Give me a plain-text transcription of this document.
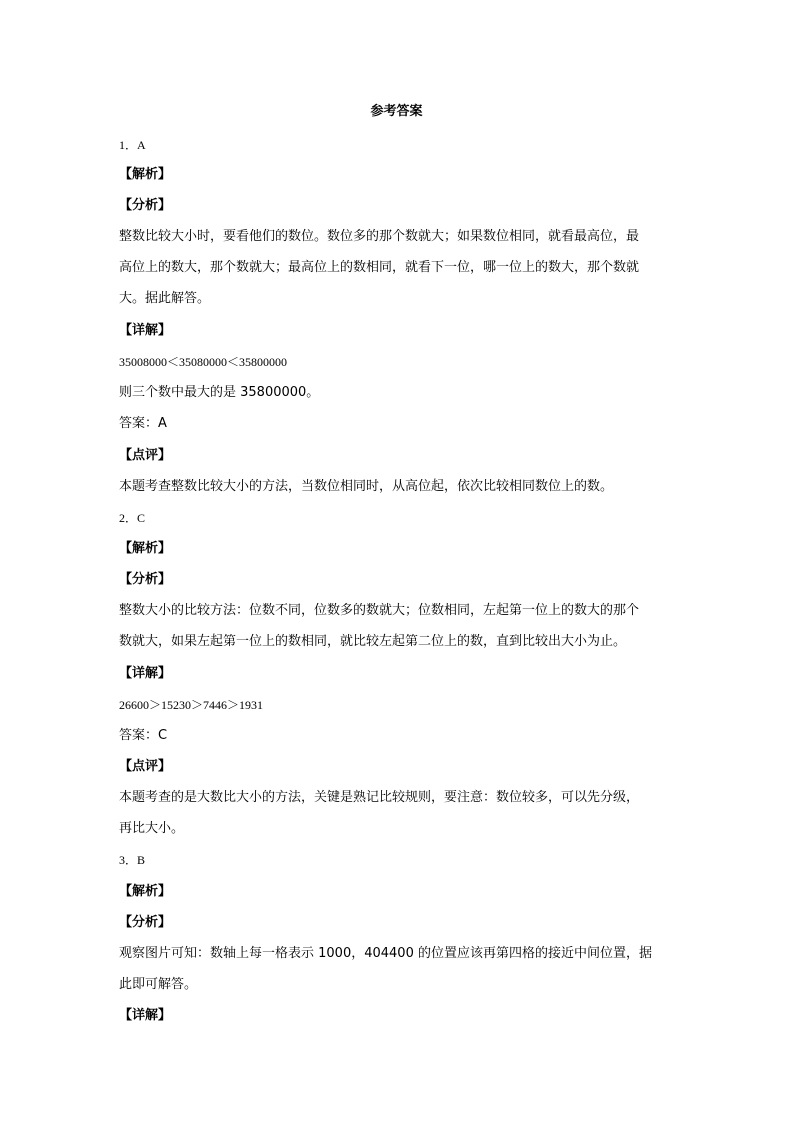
参考答案
1．A
【解析】
【分析】
整数比较大小时，要看他们的数位。数位多的那个数就大；如果数位相同，就看最高位，最
高位上的数大，那个数就大；最高位上的数相同，就看下一位，哪一位上的数大，那个数就
大。据此解答。
【详解】
35008000＜35080000＜35800000
则三个数中最大的是 35800000。
答案：A
【点评】
本题考查整数比较大小的方法，当数位相同时，从高位起，依次比较相同数位上的数。
2．C
【解析】
【分析】
整数大小的比较方法：位数不同，位数多的数就大；位数相同，左起第一位上的数大的那个
数就大，如果左起第一位上的数相同，就比较左起第二位上的数，直到比较出大小为止。
【详解】
26600＞15230＞7446＞1931
答案：C
【点评】
本题考查的是大数比大小的方法，关键是熟记比较规则，要注意：数位较多，可以先分级，
再比大小。
3．B
【解析】
【分析】
观察图片可知：数轴上每一格表示 1000，404400 的位置应该再第四格的接近中间位置，据
此即可解答。
【详解】
